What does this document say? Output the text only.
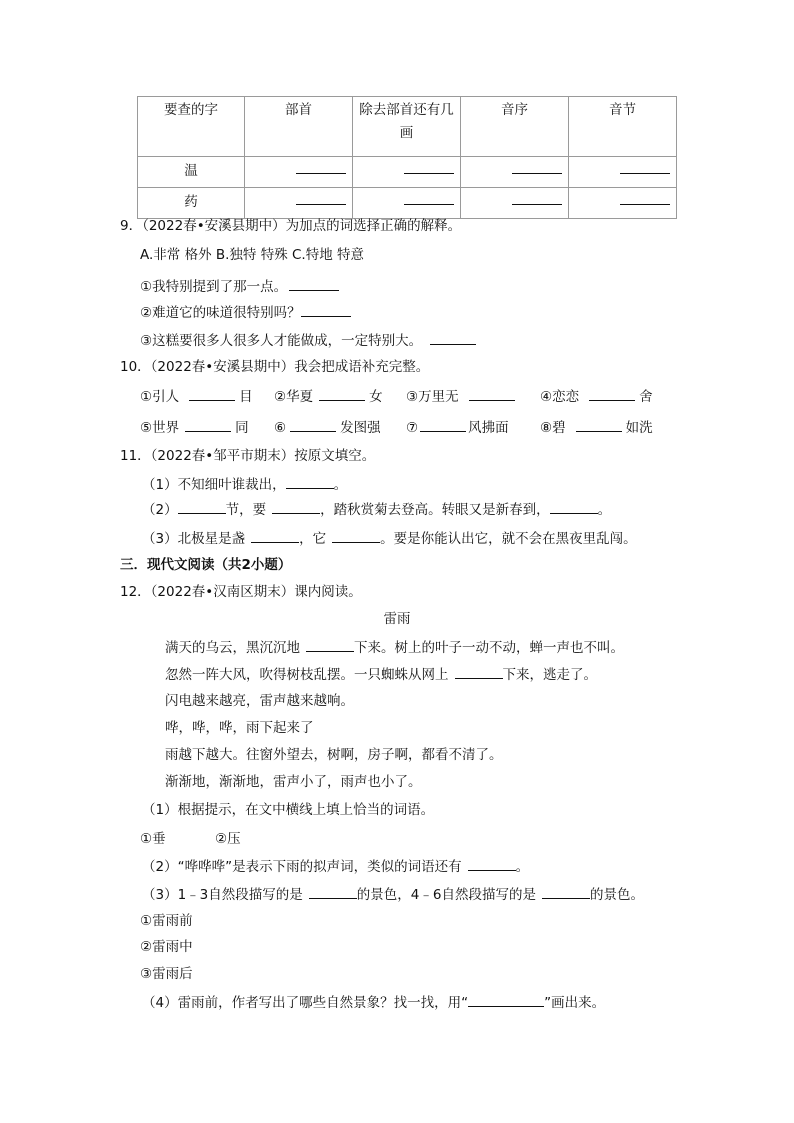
要查的字	部首	除去部首还有几画	音序	音节
温	

药	

9．（2022春•安溪县期中）为加点的词选择正确的解释。
A.非常 格外 B.独特 特殊 C.特地 特意
①我特别提到了那一点。
②难道它的味道很特别吗？
③这糕要很多人很多人才能做成，一定特别大。
10．（2022春•安溪县期中）我会把成语补充完整。
①引人	目 ②华夏	女 ③万里无	④恋恋	舍
⑤世界	同 ⑥	发图强 ⑦	风拂面 ⑧碧	如洗
11．（2022春•邹平市期末）按原文填空。
（1）不知细叶谁裁出，	。
（2）	节，要	，踏秋赏菊去登高。转眼又是新春到，	。
（3）北极星是盏	，它	。要是你能认出它，就不会在黑夜里乱闯。
三．现代文阅读（共2小题）
12．（2022春•汉南区期末）课内阅读。
雷雨
满天的乌云，黑沉沉地	下来。树上的叶子一动不动，蝉一声也不叫。
忽然一阵大风，吹得树枝乱摆。一只蜘蛛从网上	下来，逃走了。
闪电越来越亮，雷声越来越响。
哗，哗，哗，雨下起来了
雨越下越大。往窗外望去，树啊，房子啊，都看不清了。
渐渐地，渐渐地，雷声小了，雨声也小了。
（1）根据提示，在文中横线上填上恰当的词语。
①垂	②压
（2）“哗哗哗”是表示下雨的拟声词，类似的词语还有	。
（3）1﹣3自然段描写的是	的景色，4﹣6自然段描写的是	的景色。
①雷雨前
②雷雨中
③雷雨后
（4）雷雨前，作者写出了哪些自然景象？找一找，用“	”画出来。
